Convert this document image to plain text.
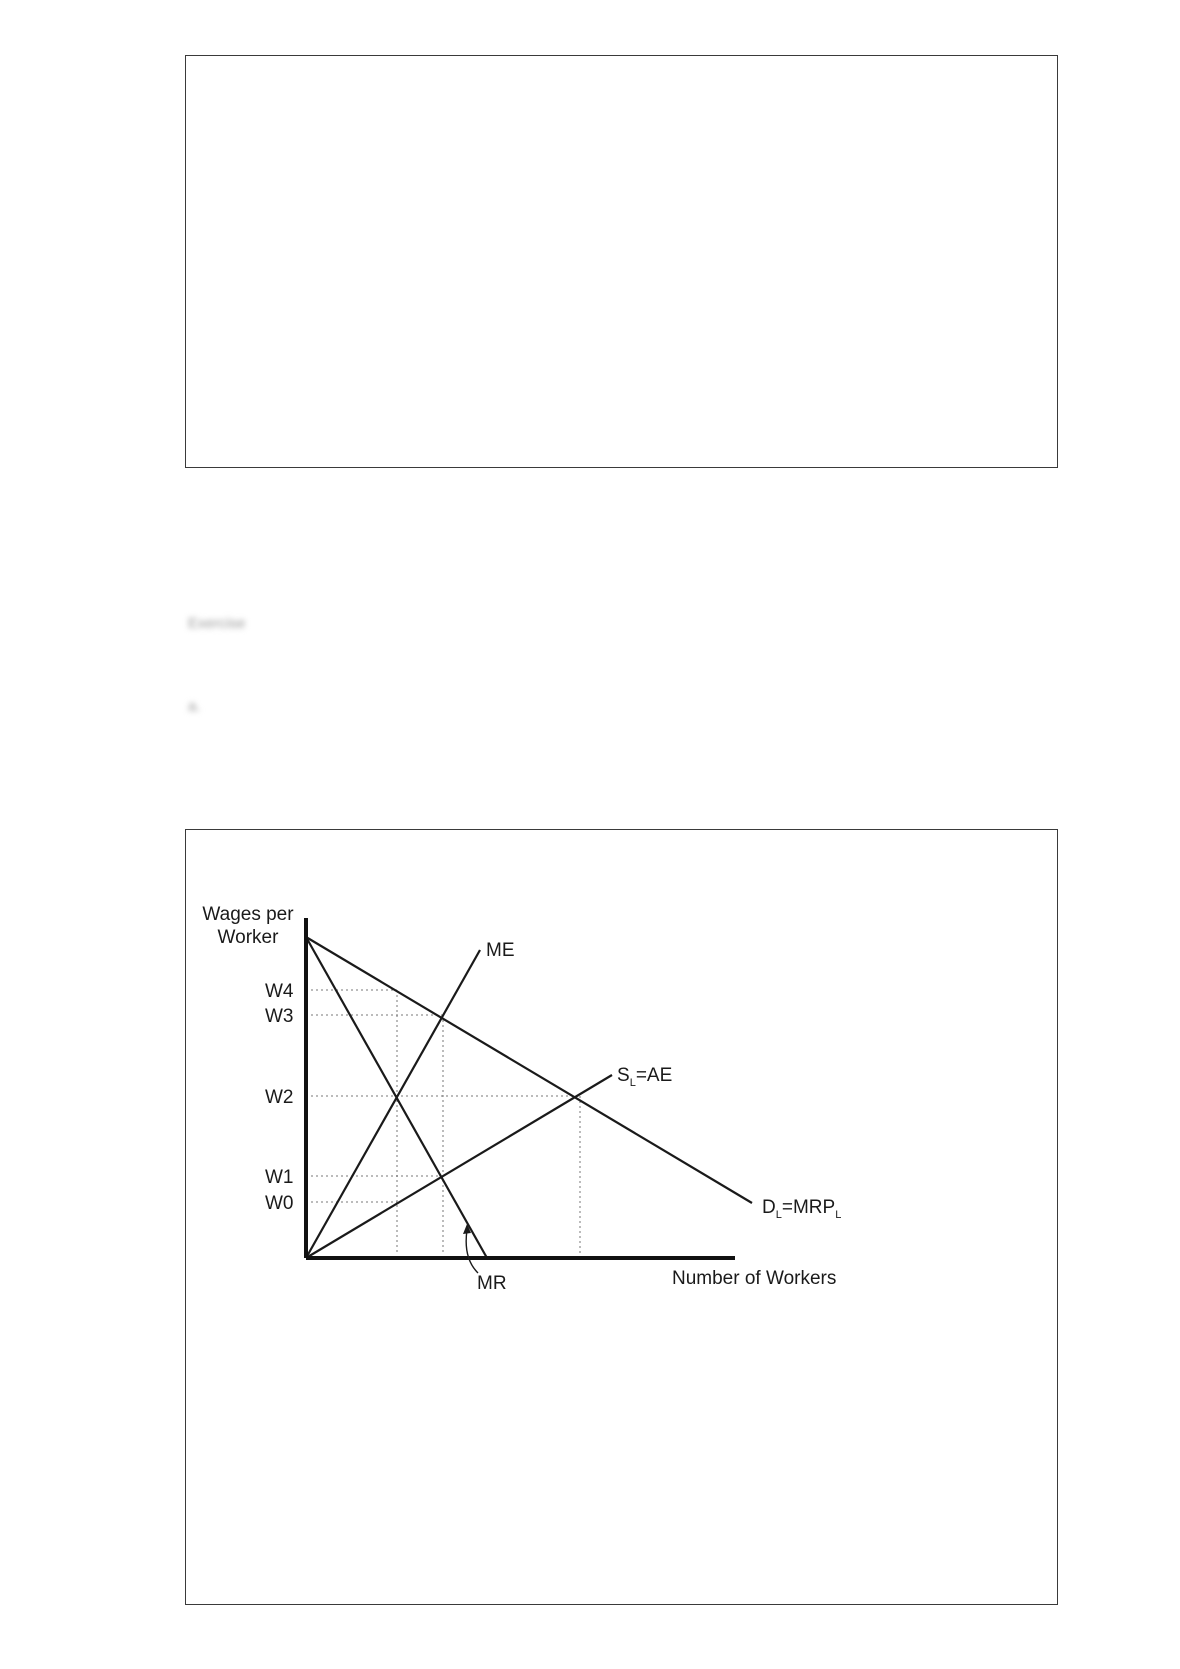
Exercise
a.
Wages per
Worker
Number of Workers
W4
W3
W2
W1
W0
ME
$S_L=AE$
$D_L=MRP_L$
MR
